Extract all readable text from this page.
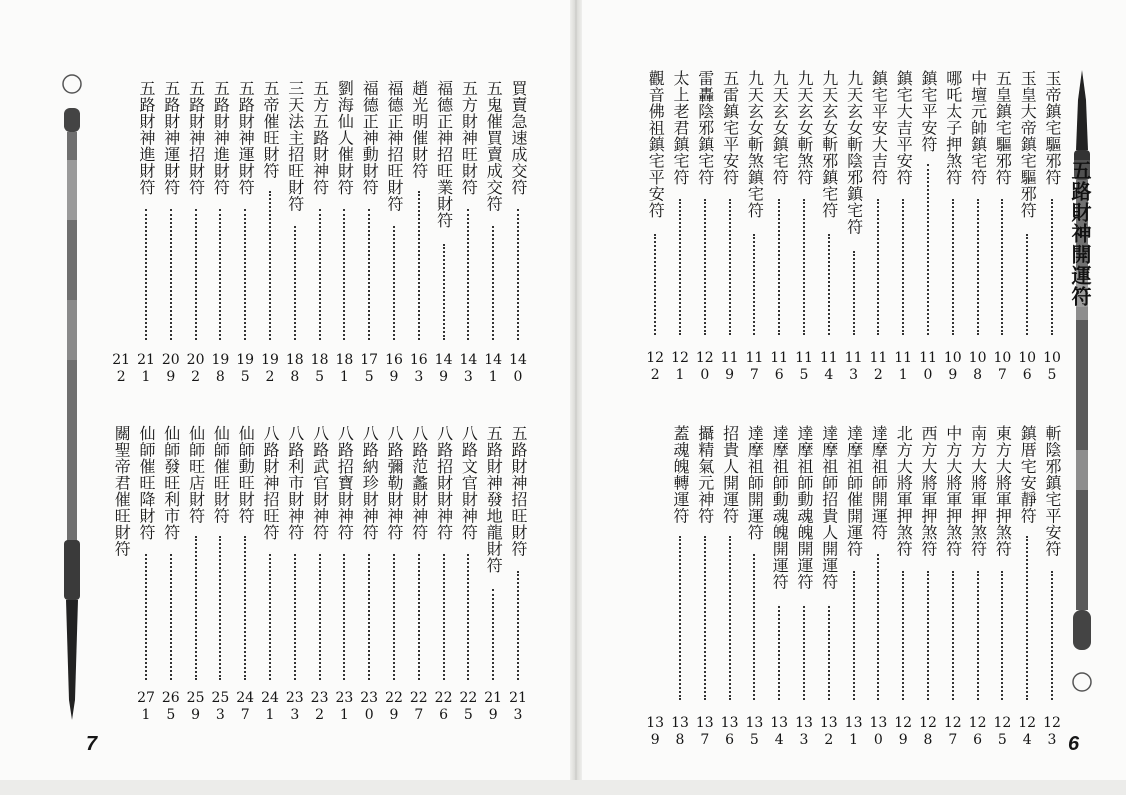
五路財神開運符
玉帝鎮宅驅邪符
105
玉皇大帝鎮宅驅邪符
106
五皇鎮宅驅邪符
107
中壇元帥鎮宅符
108
哪吒太子押煞符
109
鎮宅平安符
110
鎮宅大吉平安符
111
鎮宅平安大吉符
112
九天玄女斬陰邪鎮宅符
113
九天玄女斬邪鎮宅符
114
九天玄女斬煞符
115
九天玄女鎮宅符
116
九天玄女斬煞鎮宅符
117
五雷鎮宅平安符
119
雷轟陰邪鎮宅符
120
太上老君鎮宅符
121
觀音佛祖鎮宅平安符
122
斬陰邪鎮宅平安符
123
鎮厝宅安靜符
124
東方大將軍押煞符
125
南方大將軍押煞符
126
中方大將軍押煞符
127
西方大將軍押煞符
128
北方大將軍押煞符
129
達摩祖師開運符
130
達摩祖師催開運符
131
達摩祖師招貴人開運符
132
達摩祖師動魂魄開運符
133
達摩祖師動魂魄開運符
134
達摩祖師開運符
135
招貴人開運符
136
攝精氣元神符
137
蓋魂魄轉運符
138
139
買賣急速成交符
140
五鬼催買賣成交符
141
五方財神旺財符
143
福德正神招旺業財符
149
趙光明催財符
163
福德正神招旺財符
169
福德正神動財符
175
劉海仙人催財符
181
五方五路財神符
185
三天法主招旺財符
188
五帝催旺財符
192
五路財神運財符
195
五路財神進財符
198
五路財神招財符
202
五路財神運財符
209
五路財神進財符
211
212
五路財神招旺財符
213
五路財神發地龍財符
219
八路文官財神符
225
八路招財財神符
226
八路范蠡財神符
227
八路彌勒財神符
229
八路納珍財神符
230
八路招寶財神符
231
八路武官財神符
232
八路利市財神符
233
八路財神招旺符
241
仙師動旺財符
247
仙師催旺財符
253
仙師旺店財符
259
仙師發旺利市符
265
仙師催旺降財符
271
關聖帝君催旺財符
6
7
